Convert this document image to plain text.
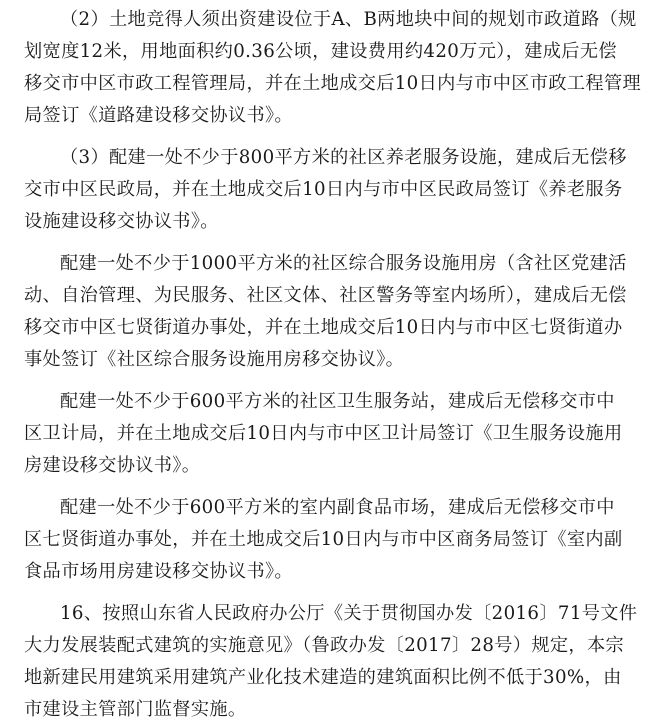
（2）土地竞得人须出资建设位于A、B两地块中间的规划市政道路（规
划宽度12米，用地面积约0.36公顷，建设费用约420万元），建成后无偿
移交市中区市政工程管理局，并在土地成交后10日内与市中区市政工程管理
局签订《道路建设移交协议书》。
（3）配建一处不少于800平方米的社区养老服务设施，建成后无偿移
交市中区民政局，并在土地成交后10日内与市中区民政局签订《养老服务
设施建设移交协议书》。
配建一处不少于1000平方米的社区综合服务设施用房（含社区党建活
动、自治管理、为民服务、社区文体、社区警务等室内场所），建成后无偿
移交市中区七贤街道办事处，并在土地成交后10日内与市中区七贤街道办
事处签订《社区综合服务设施用房移交协议》。
配建一处不少于600平方米的社区卫生服务站，建成后无偿移交市中
区卫计局，并在土地成交后10日内与市中区卫计局签订《卫生服务设施用
房建设移交协议书》。
配建一处不少于600平方米的室内副食品市场，建成后无偿移交市中
区七贤街道办事处，并在土地成交后10日内与市中区商务局签订《室内副
食品市场用房建设移交协议书》。
16、按照山东省人民政府办公厅《关于贯彻国办发〔2016〕71号文件
大力发展装配式建筑的实施意见》（鲁政办发〔2017〕28号）规定，本宗
地新建民用建筑采用建筑产业化技术建造的建筑面积比例不低于30%，由
市建设主管部门监督实施。
